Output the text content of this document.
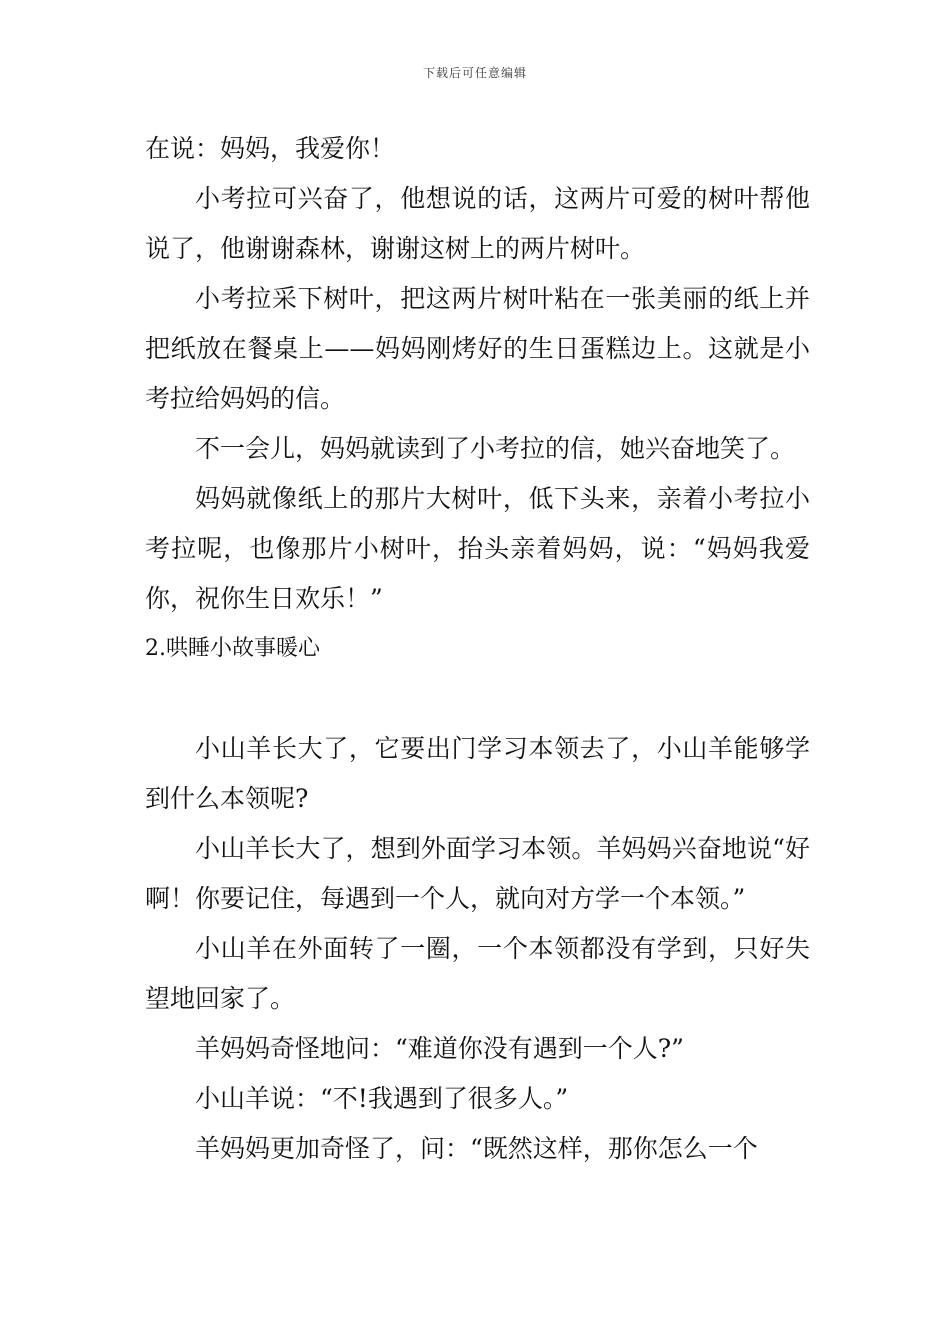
下载后可任意编辑

在说：妈妈，我爱你！

小考拉可兴奋了，他想说的话，这两片可爱的树叶帮他说了，他谢谢森林，谢谢这树上的两片树叶。

小考拉采下树叶，把这两片树叶粘在一张美丽的纸上并把纸放在餐桌上——妈妈刚烤好的生日蛋糕边上。这就是小考拉给妈妈的信。

不一会儿，妈妈就读到了小考拉的信，她兴奋地笑了。

妈妈就像纸上的那片大树叶，低下头来，亲着小考拉小考拉呢，也像那片小树叶，抬头亲着妈妈，说：“妈妈我爱你，祝你生日欢乐！”

2.哄睡小故事暖心

小山羊长大了，它要出门学习本领去了，小山羊能够学到什么本领呢?

小山羊长大了，想到外面学习本领。羊妈妈兴奋地说“好啊！你要记住，每遇到一个人，就向对方学一个本领。”

小山羊在外面转了一圈，一个本领都没有学到，只好失望地回家了。

羊妈妈奇怪地问：“难道你没有遇到一个人?”

小山羊说：“不!我遇到了很多人。”

羊妈妈更加奇怪了，问：“既然这样，那你怎么一个
